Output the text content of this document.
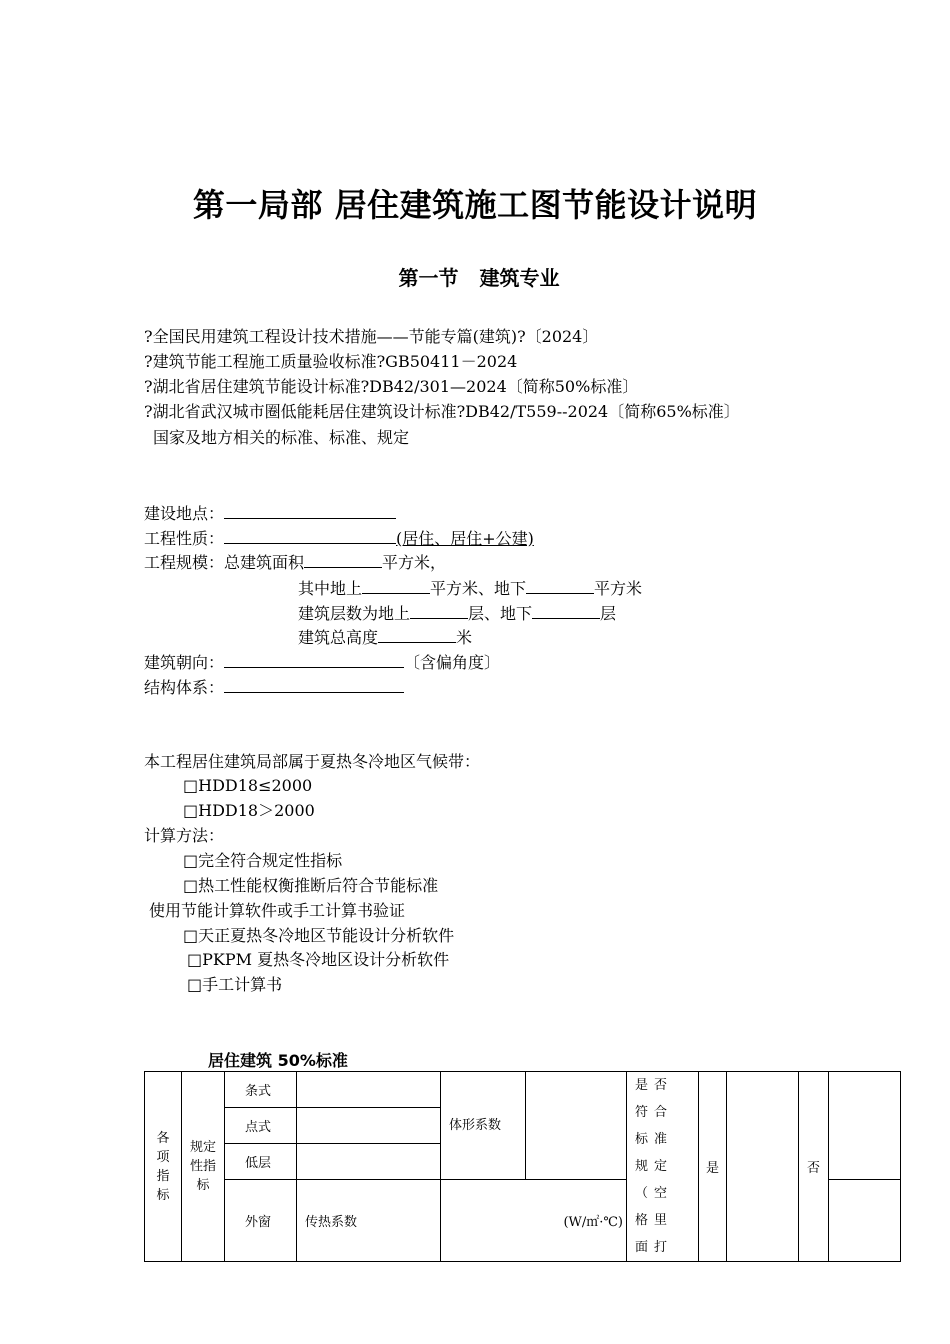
第一局部 居住建筑施工图节能设计说明
第一节 建筑专业
?全国民用建筑工程设计技术措施——节能专篇(建筑)?〔2024〕
?建筑节能工程施工质量验收标准?GB50411－2024
?湖北省居住建筑节能设计标准?DB42/301—2024〔简称50%标准〕
?湖北省武汉城市圈低能耗居住建筑设计标准?DB42/T559--2024〔简称65%标准〕
国家及地方相关的标准、标准、规定
建设地点：
工程性质：	(居住、居住+公建)
工程规模：总建筑面积	平方米，
其中地上	平方米、地下	平方米
建筑层数为地上	层、地下	层
建筑总高度	米
建筑朝向：	〔含偏角度〕
结构体系：
本工程居住建筑局部属于夏热冬冷地区气候带：
□HDD18≤2000
□HDD18＞2000
计算方法：
□完全符合规定性指标
□热工性能权衡推断后符合节能标准
使用节能计算软件或手工计算书验证
□天正夏热冬冷地区节能设计分析软件
□PKPM 夏热冬冷地区设计分析软件
□手工计算书
居住建筑 50%标准
各项指标	规定性指标	条式		体形系数		是否符合标准规定（空格里面打	是		否	
		点式								
		低层								
		外窗	传热系数	(W/㎡·℃)						
